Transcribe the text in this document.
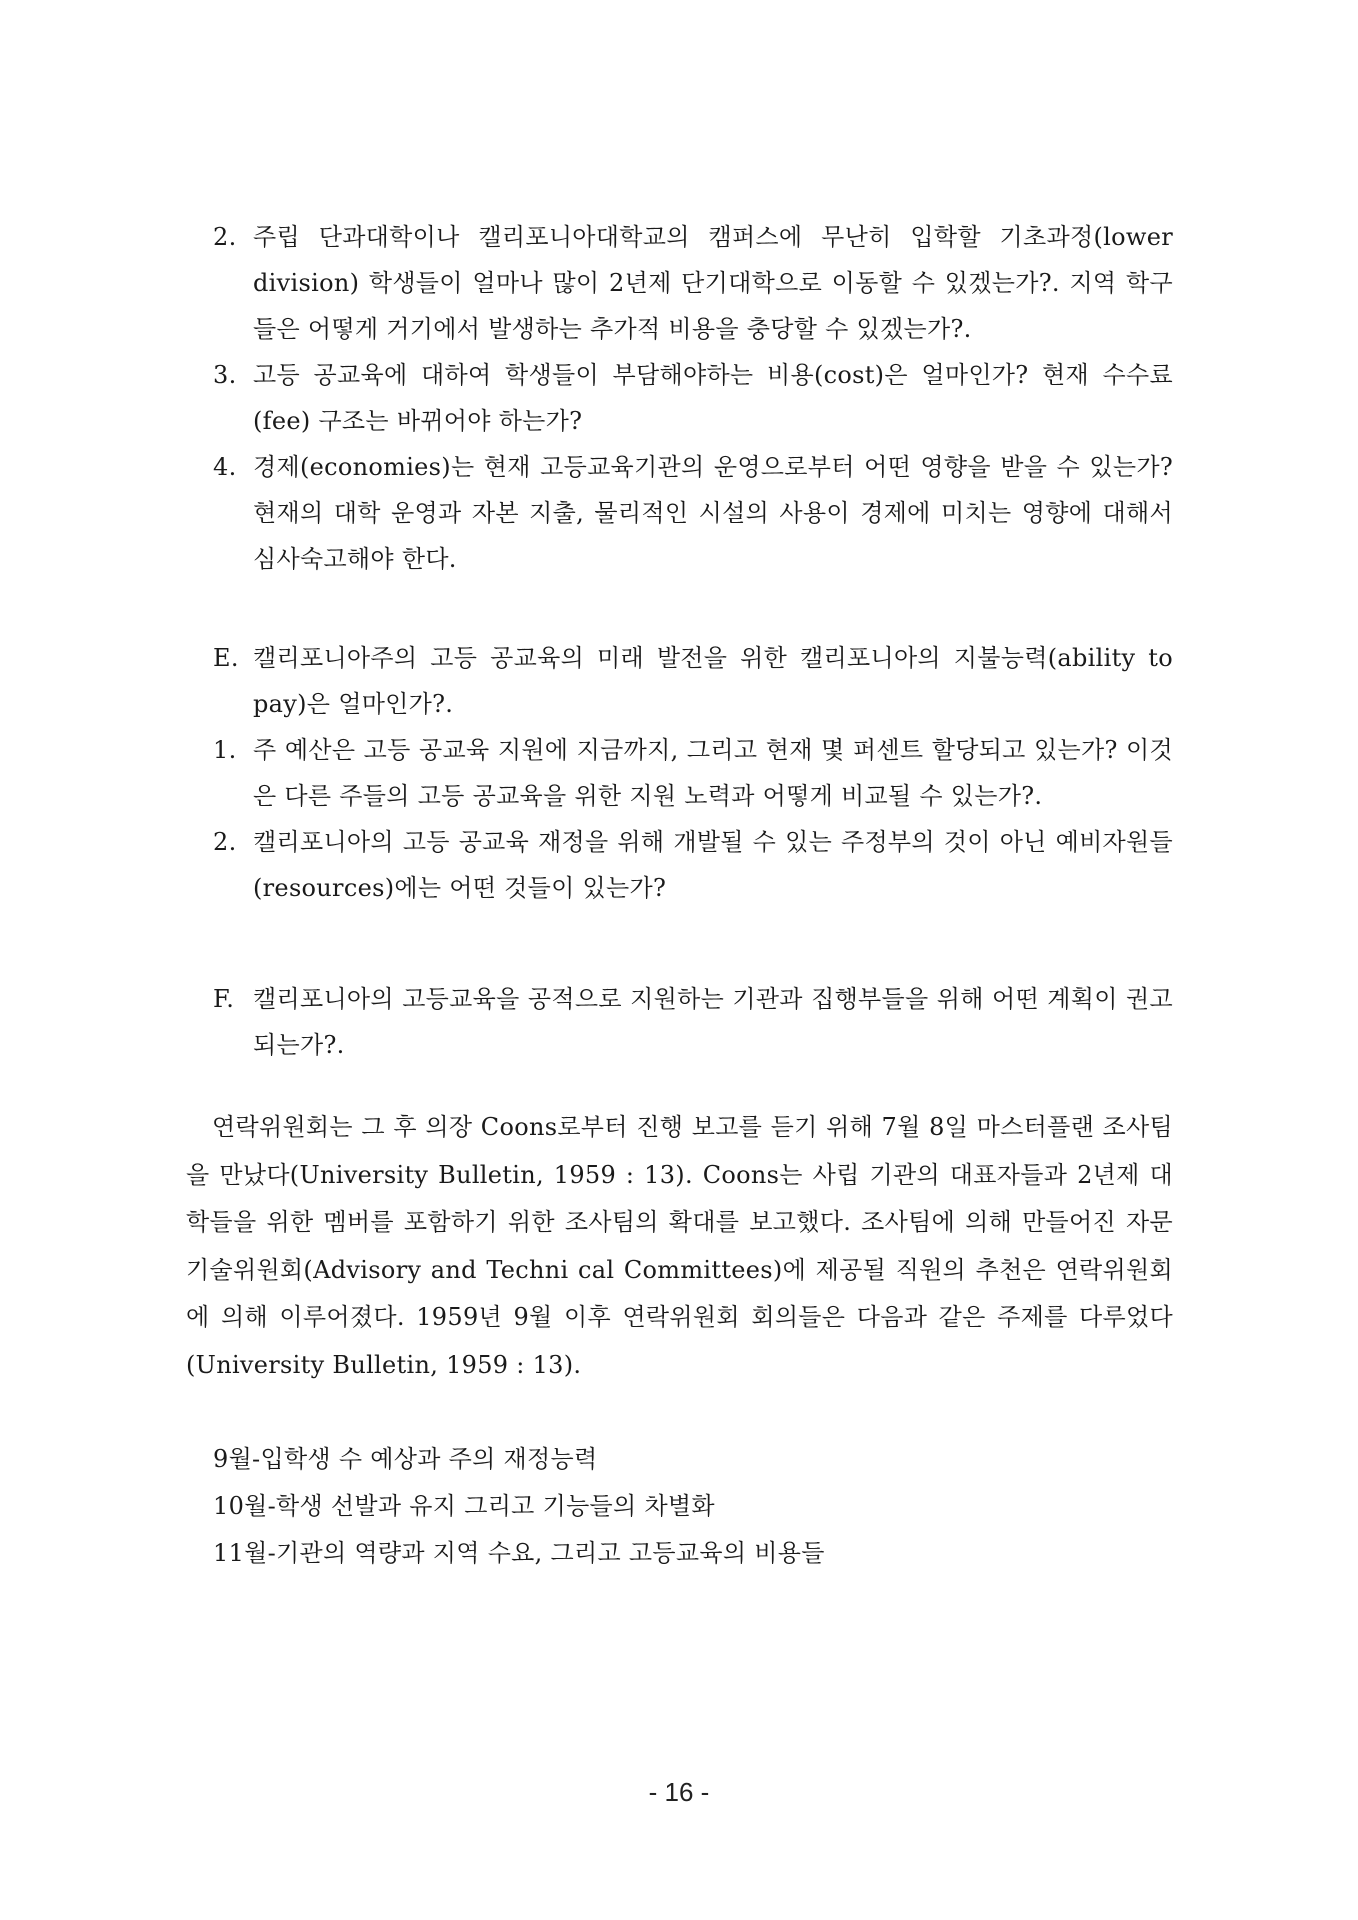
2. 주립 단과대학이나 캘리포니아대학교의 캠퍼스에 무난히 입학할 기초과정(lower division) 학생들이 얼마나 많이 2년제 단기대학으로 이동할 수 있겠는가?. 지역 학구들은 어떻게 거기에서 발생하는 추가적 비용을 충당할 수 있겠는가?.
3. 고등 공교육에 대하여 학생들이 부담해야하는 비용(cost)은 얼마인가? 현재 수수료(fee) 구조는 바뀌어야 하는가?
4. 경제(economies)는 현재 고등교육기관의 운영으로부터 어떤 영향을 받을 수 있는가? 현재의 대학 운영과 자본 지출, 물리적인 시설의 사용이 경제에 미치는 영향에 대해서 심사숙고해야 한다.
E. 캘리포니아주의 고등 공교육의 미래 발전을 위한 캘리포니아의 지불능력(ability to pay)은 얼마인가?.
1. 주 예산은 고등 공교육 지원에 지금까지, 그리고 현재 몇 퍼센트 할당되고 있는가? 이것은 다른 주들의 고등 공교육을 위한 지원 노력과 어떻게 비교될 수 있는가?.
2. 캘리포니아의 고등 공교육 재정을 위해 개발될 수 있는 주정부의 것이 아닌 예비자원들(resources)에는 어떤 것들이 있는가?
F. 캘리포니아의 고등교육을 공적으로 지원하는 기관과 집행부들을 위해 어떤 계획이 권고되는가?.
연락위원회는 그 후 의장 Coons로부터 진행 보고를 듣기 위해 7월 8일 마스터플랜 조사팀을 만났다(University Bulletin, 1959 : 13). Coons는 사립 기관의 대표자들과 2년제 대학들을 위한 멤버를 포함하기 위한 조사팀의 확대를 보고했다. 조사팀에 의해 만들어진 자문기술위원회(Advisory and Techni cal Committees)에 제공될 직원의 추천은 연락위원회에 의해 이루어졌다. 1959년 9월 이후 연락위원회 회의들은 다음과 같은 주제를 다루었다(University Bulletin, 1959 : 13).
9월-입학생 수 예상과 주의 재정능력
10월-학생 선발과 유지 그리고 기능들의 차별화
11월-기관의 역량과 지역 수요, 그리고 고등교육의 비용들
- 16 -
